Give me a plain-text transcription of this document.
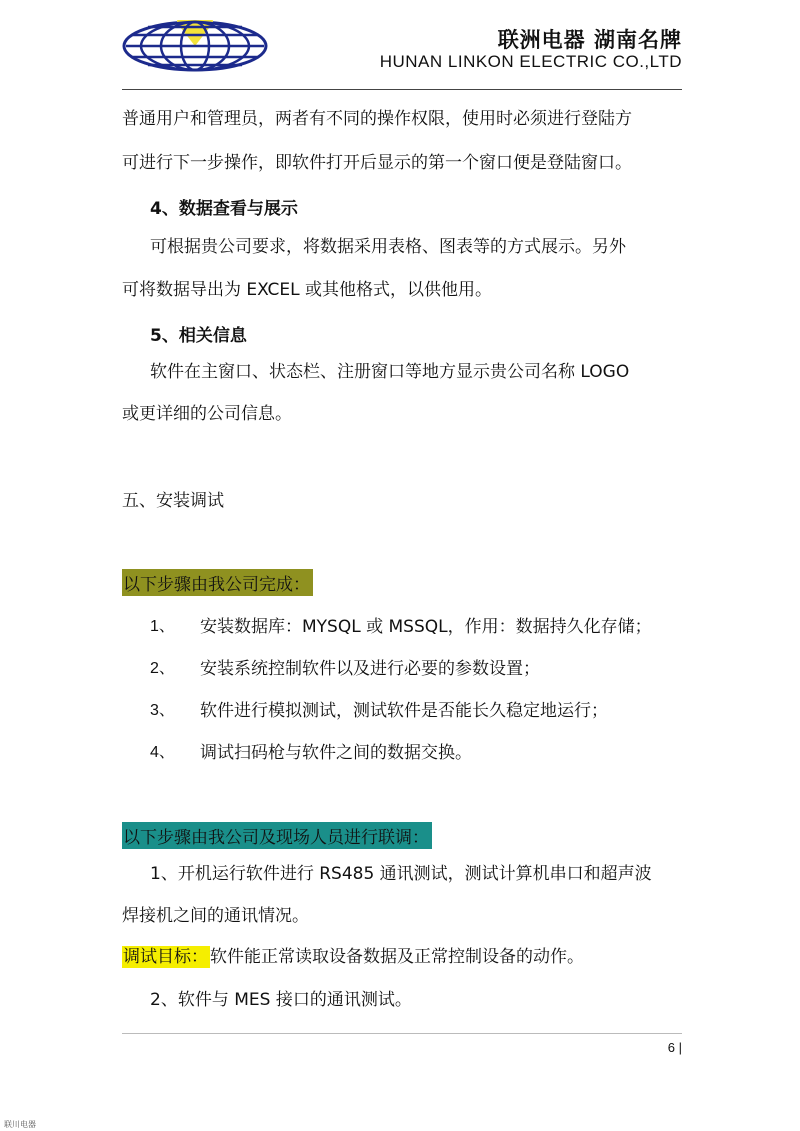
联洲电器 湖南名牌
HUNAN LINKON ELECTRIC CO.,LTD
普通用户和管理员，两者有不同的操作权限，使用时必须进行登陆方
可进行下一步操作，即软件打开后显示的第一个窗口便是登陆窗口。
4、数据查看与展示
可根据贵公司要求，将数据采用表格、图表等的方式展示。另外
可将数据导出为 EXCEL 或其他格式，以供他用。
5、相关信息
软件在主窗口、状态栏、注册窗口等地方显示贵公司名称 LOGO
或更详细的公司信息。
五、安装调试
以下步骤由我公司完成：
1、 安装数据库：MYSQL 或 MSSQL，作用：数据持久化存储；
2、 安装系统控制软件以及进行必要的参数设置；
3、 软件进行模拟测试，测试软件是否能长久稳定地运行；
4、 调试扫码枪与软件之间的数据交换。
以下步骤由我公司及现场人员进行联调：
1、开机运行软件进行 RS485 通讯测试，测试计算机串口和超声波
焊接机之间的通讯情况。
调试目标： 软件能正常读取设备数据及正常控制设备的动作。
2、软件与 MES 接口的通讯测试。
6 |
联川电器
